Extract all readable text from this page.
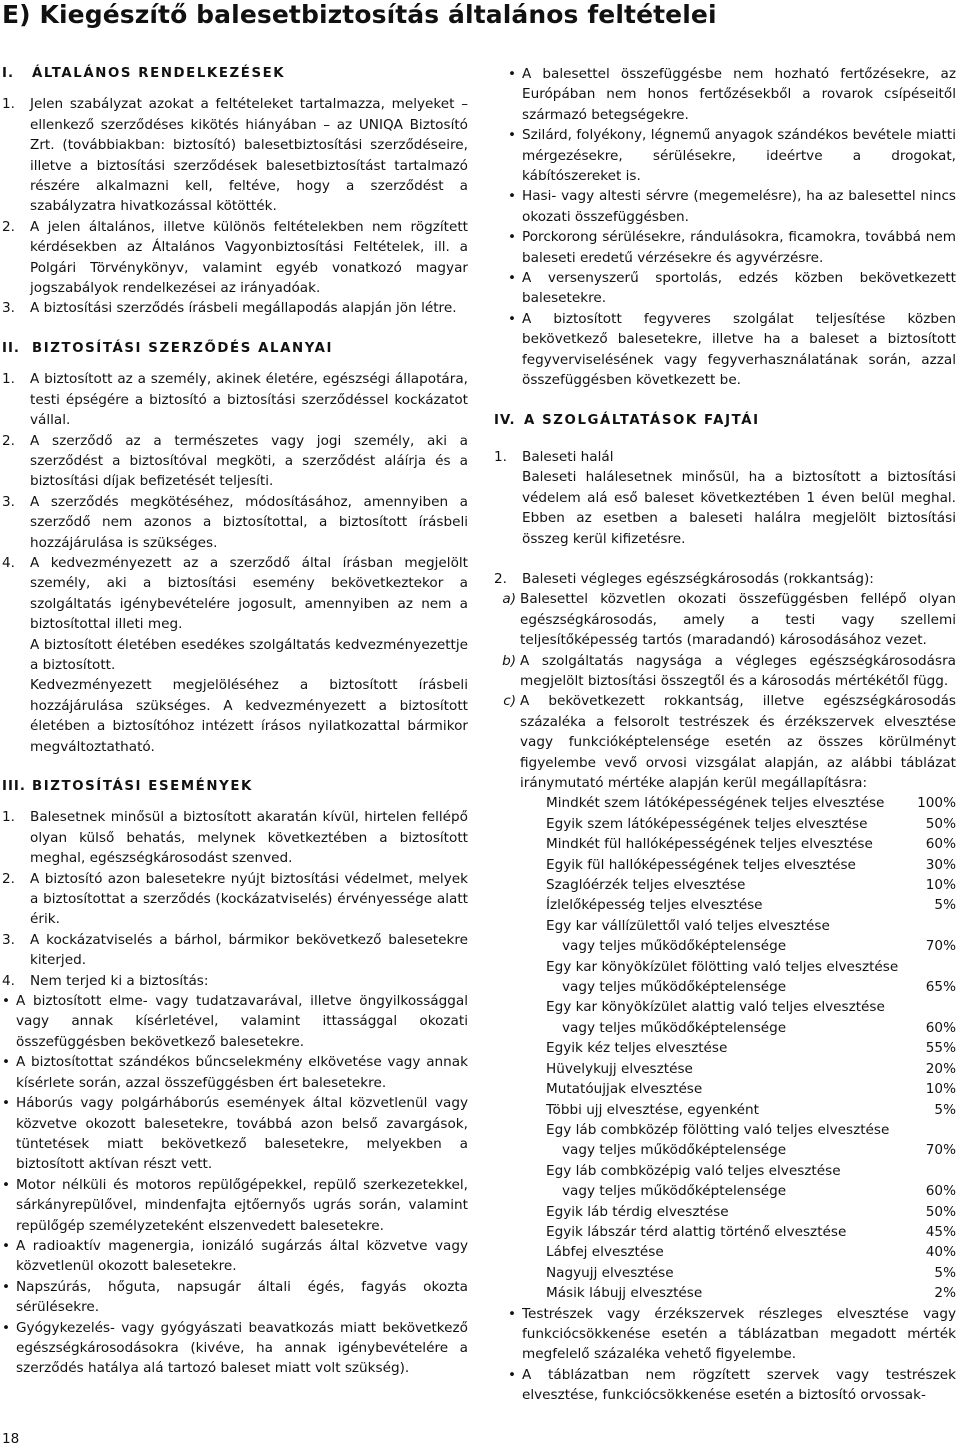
E) Kiegészítő balesetbiztosítás általános feltételei
I. ÁLTALÁNOS RENDELKEZÉSEK
1.	Jelen szabályzat azokat a feltételeket tartalmazza, melyeket – ellenkező szerződéses kikötés hiányában – az UNIQA Biztosító Zrt. (továbbiakban: biztosító) balesetbiztosítási szerződéseire, illetve a biztosítási szerződések balesetbiztosítást tartalmazó részére alkalmazni kell, feltéve, hogy a szerződést a szabályzatra hivatkozással kötötték.
2.	A jelen általános, illetve különös feltételekben nem rögzített kérdésekben az Általános Vagyonbiztosítási Feltételek, ill. a Polgári Törvénykönyv, valamint egyéb vonatkozó magyar jogszabályok rendelkezései az irányadóak.
3.	A biztosítási szerződés írásbeli megállapodás alapján jön létre.
II. BIZTOSÍTÁSI SZERZŐDÉS ALANYAI
1.	A biztosított az a személy, akinek életére, egészségi állapotára, testi épségére a biztosító a biztosítási szerződéssel kockázatot vállal.
2.	A szerződő az a természetes vagy jogi személy, aki a szerződést a biztosítóval megköti, a szerződést aláírja és a biztosítási díjak befizetését teljesíti.
3.	A szerződés megkötéséhez, módosításához, amennyiben a szerződő nem azonos a biztosítottal, a biztosított írásbeli hozzájárulása is szükséges.
4.	A kedvezményezett az a szerződő által írásban megjelölt személy, aki a biztosítási esemény bekövetkeztekor a szolgáltatás igénybevételére jogosult, amennyiben az nem a biztosítottal illeti meg.
A biztosított életében esedékes szolgáltatás kedvezményezettje a biztosított.
Kedvezményezett megjelöléséhez a biztosított írásbeli hozzájárulása szükséges. A kedvezményezett a biztosított életében a biztosítóhoz intézett írásos nyilatkozattal bármikor megváltoztatható.
III. BIZTOSÍTÁSI ESEMÉNYEK
1.	Balesetnek minősül a biztosított akaratán kívül, hirtelen fellépő olyan külső behatás, melynek következtében a biztosított meghal, egészségkárosodást szenved.
2.	A biztosító azon balesetekre nyújt biztosítási védelmet, melyek a biztosítottat a szerződés (kockázatviselés) érvényessége alatt érik.
3.	A kockázatviselés a bárhol, bármikor bekövetkező balesetekre kiterjed.
4.	Nem terjed ki a biztosítás:
• A biztosított elme- vagy tudatzavarával, illetve öngyilkossággal vagy annak kísérletével, valamint ittassággal okozati összefüggésben bekövetkező balesetekre.
• A biztosítottat szándékos bűncselekmény elkövetése vagy annak kísérlete során, azzal összefüggésben ért balesetekre.
• Háborús vagy polgárháborús események által közvetlenül vagy közvetve okozott balesetekre, továbbá azon belső zavargások, tüntetések miatt bekövetkező balesetekre, melyekben a biztosított aktívan részt vett.
• Motor nélküli és motoros repülőgépekkel, repülő szerkezetekkel, sárkányrepülővel, mindenfajta ejtőernyős ugrás során, valamint repülőgép személyzeteként elszenvedett balesetekre.
• A radioaktív magenergia, ionizáló sugárzás által közvetve vagy közvetlenül okozott balesetekre.
• Napszúrás, hőguta, napsugár általi égés, fagyás okozta sérülésekre.
• Gyógykezelés- vagy gyógyászati beavatkozás miatt bekövetkező egészségkárosodásokra (kivéve, ha annak igénybevételére a szerződés hatálya alá tartozó baleset miatt volt szükség).
• A balesettel összefüggésbe nem hozható fertőzésekre, az Európában nem honos fertőzésekből a rovarok csípéseitől származó betegségekre.
• Szilárd, folyékony, légnemű anyagok szándékos bevétele miatti mérgezésekre, sérülésekre, ideértve a drogokat, kábítószereket is.
• Hasi- vagy altesti sérvre (megemelésre), ha az balesettel nincs okozati összefüggésben.
• Porckorong sérülésekre, rándulásokra, ficamokra, továbbá nem baleseti eredetű vérzésekre és agyvérzésre.
• A versenyszerű sportolás, edzés közben bekövetkezett balesetekre.
• A biztosított fegyveres szolgálat teljesítése közben bekövetkező balesetekre, illetve ha a baleset a biztosított fegyverviselésének vagy fegyverhasználatának során, azzal összefüggésben következett be.
IV. A SZOLGÁLTATÁSOK FAJTÁI
1.	Baleseti halál
Baleseti halálesetnek minősül, ha a biztosított a biztosítási védelem alá eső baleset következtében 1 éven belül meghal. Ebben az esetben a baleseti halálra megjelölt biztosítási összeg kerül kifizetésre.
2.	Baleseti végleges egészségkárosodás (rokkantság):
a) Balesettel közvetlen okozati összefüggésben fellépő olyan egészségkárosodás, amely a testi vagy szellemi teljesítőképesség tartós (maradandó) károsodásához vezet.
b) A szolgáltatás nagysága a végleges egészségkárosodásra megjelölt biztosítási összegtől és a károsodás mértékétől függ.
c) A bekövetkezett rokkantság, illetve egészségkárosodás százaléka a felsorolt testrészek és érzékszervek elvesztése vagy funkcióképtelensége esetén az összes körülményt figyelembe vevő orvosi vizsgálat alapján, az alábbi táblázat iránymutató mértéke alapján kerül megállapításra:
Mindkét szem látóképességének teljes elvesztése 100%
Egyik szem látóképességének teljes elvesztése	50%
Mindkét fül hallóképességének teljes elvesztése	60%
Egyik fül hallóképességének teljes elvesztése	30%
Szaglóérzék teljes elvesztése	10%
Ízlelőképesség teljes elvesztése	5%
Egy kar vállízülettől való teljes elvesztése
vagy teljes működőképtelensége	70%
Egy kar könyökízület fölötting való teljes elvesztése
vagy teljes működőképtelensége	65%
Egy kar könyökízület alattig való teljes elvesztése
vagy teljes működőképtelensége	60%
Egyik kéz teljes elvesztése	55%
Hüvelykujj elvesztése	20%
Mutatóujjak elvesztése	10%
Többi ujj elvesztése, egyenként	5%
Egy láb combközép fölötting való teljes elvesztése
vagy teljes működőképtelensége	70%
Egy láb combközépig való teljes elvesztése
vagy teljes működőképtelensége	60%
Egyik láb térdig elvesztése	50%
Egyik lábszár térd alattig történő elvesztése	45%
Lábfej elvesztése	40%
Nagyujj elvesztése	5%
Másik lábujj elvesztése	2%
• Testrészek vagy érzékszervek részleges elvesztése vagy funkciócsökkenése esetén a táblázatban megadott mérték megfelelő százaléka vehető figyelembe.
• A táblázatban nem rögzített szervek vagy testrészek elvesztése, funkciócsökkenése esetén a biztosító orvossak-
18
